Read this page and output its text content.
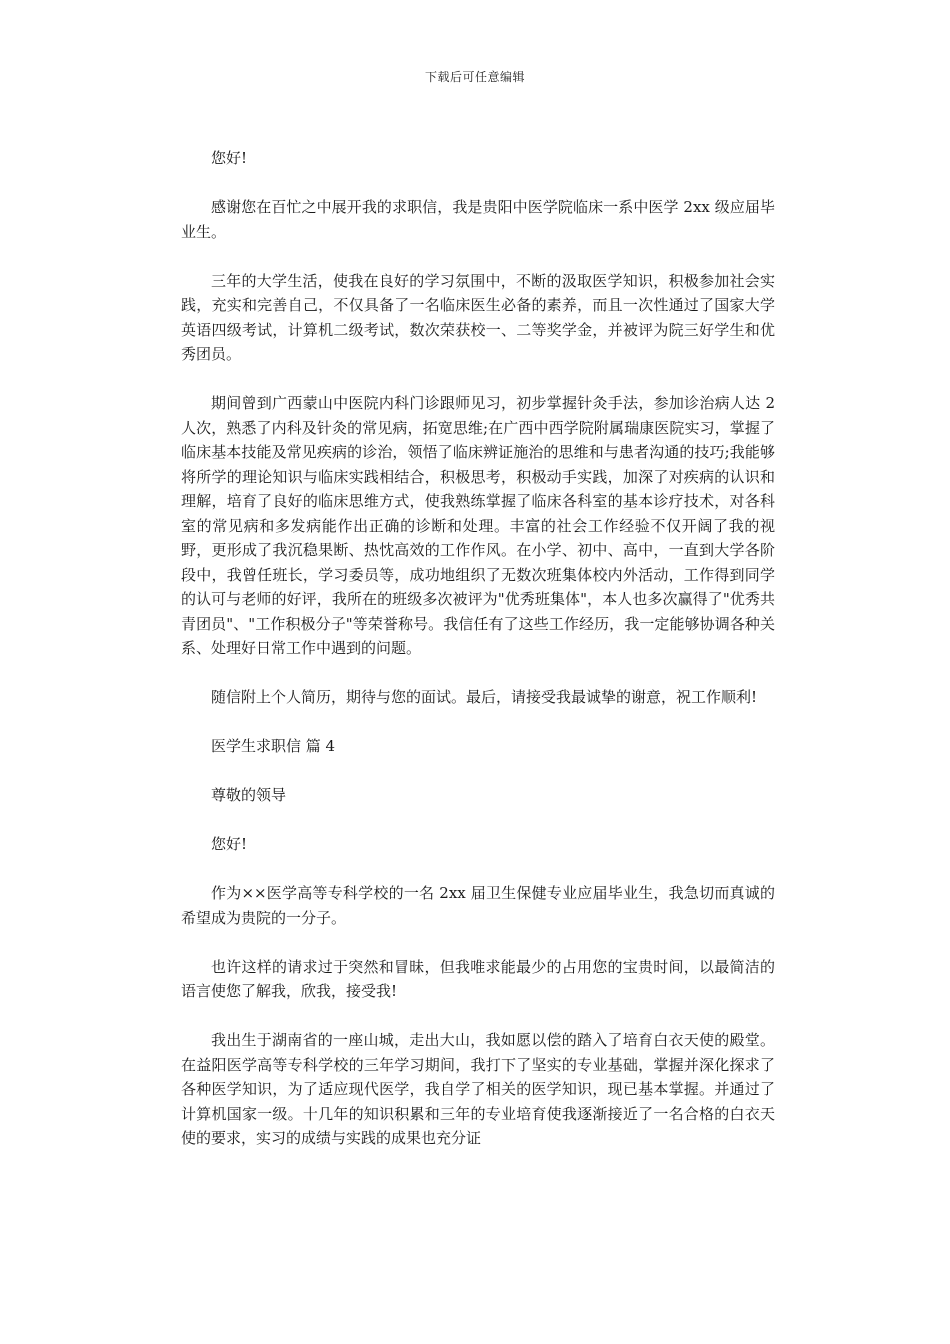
下载后可任意编辑

您好!

感谢您在百忙之中展开我的求职信，我是贵阳中医学院临床一系中医学 2xx 级应届毕业生。

三年的大学生活，使我在良好的学习氛围中，不断的汲取医学知识，积极参加社会实践，充实和完善自己，不仅具备了一名临床医生必备的素养，而且一次性通过了国家大学英语四级考试，计算机二级考试，数次荣获校一、二等奖学金，并被评为院三好学生和优秀团员。

期间曾到广西蒙山中医院内科门诊跟师见习，初步掌握针灸手法，参加诊治病人达 2 人次，熟悉了内科及针灸的常见病，拓宽思维;在广西中西学院附属瑞康医院实习，掌握了临床基本技能及常见疾病的诊治，领悟了临床辨证施治的思维和与患者沟通的技巧;我能够将所学的理论知识与临床实践相结合，积极思考，积极动手实践，加深了对疾病的认识和理解，培育了良好的临床思维方式，使我熟练掌握了临床各科室的基本诊疗技术，对各科室的常见病和多发病能作出正确的诊断和处理。丰富的社会工作经验不仅开阔了我的视野，更形成了我沉稳果断、热忱高效的工作作风。在小学、初中、高中，一直到大学各阶段中，我曾任班长，学习委员等，成功地组织了无数次班集体校内外活动，工作得到同学的认可与老师的好评，我所在的班级多次被评为"优秀班集体"，本人也多次赢得了"优秀共青团员"、"工作积极分子"等荣誉称号。我信任有了这些工作经历，我一定能够协调各种关系、处理好日常工作中遇到的问题。

随信附上个人简历，期待与您的面试。最后，请接受我最诚挚的谢意，祝工作顺利!

医学生求职信 篇 4

尊敬的领导

您好!

作为××医学高等专科学校的一名 2xx 届卫生保健专业应届毕业生，我急切而真诚的希望成为贵院的一分子。

也许这样的请求过于突然和冒昧，但我唯求能最少的占用您的宝贵时间，以最简洁的语言使您了解我，欣我，接受我!

我出生于湖南省的一座山城，走出大山，我如愿以偿的踏入了培育白衣天使的殿堂。在益阳医学高等专科学校的三年学习期间，我打下了坚实的专业基础，掌握并深化探求了各种医学知识，为了适应现代医学，我自学了相关的医学知识，现已基本掌握。并通过了计算机国家一级。十几年的知识积累和三年的专业培育使我逐渐接近了一名合格的白衣天使的要求，实习的成绩与实践的成果也充分证
